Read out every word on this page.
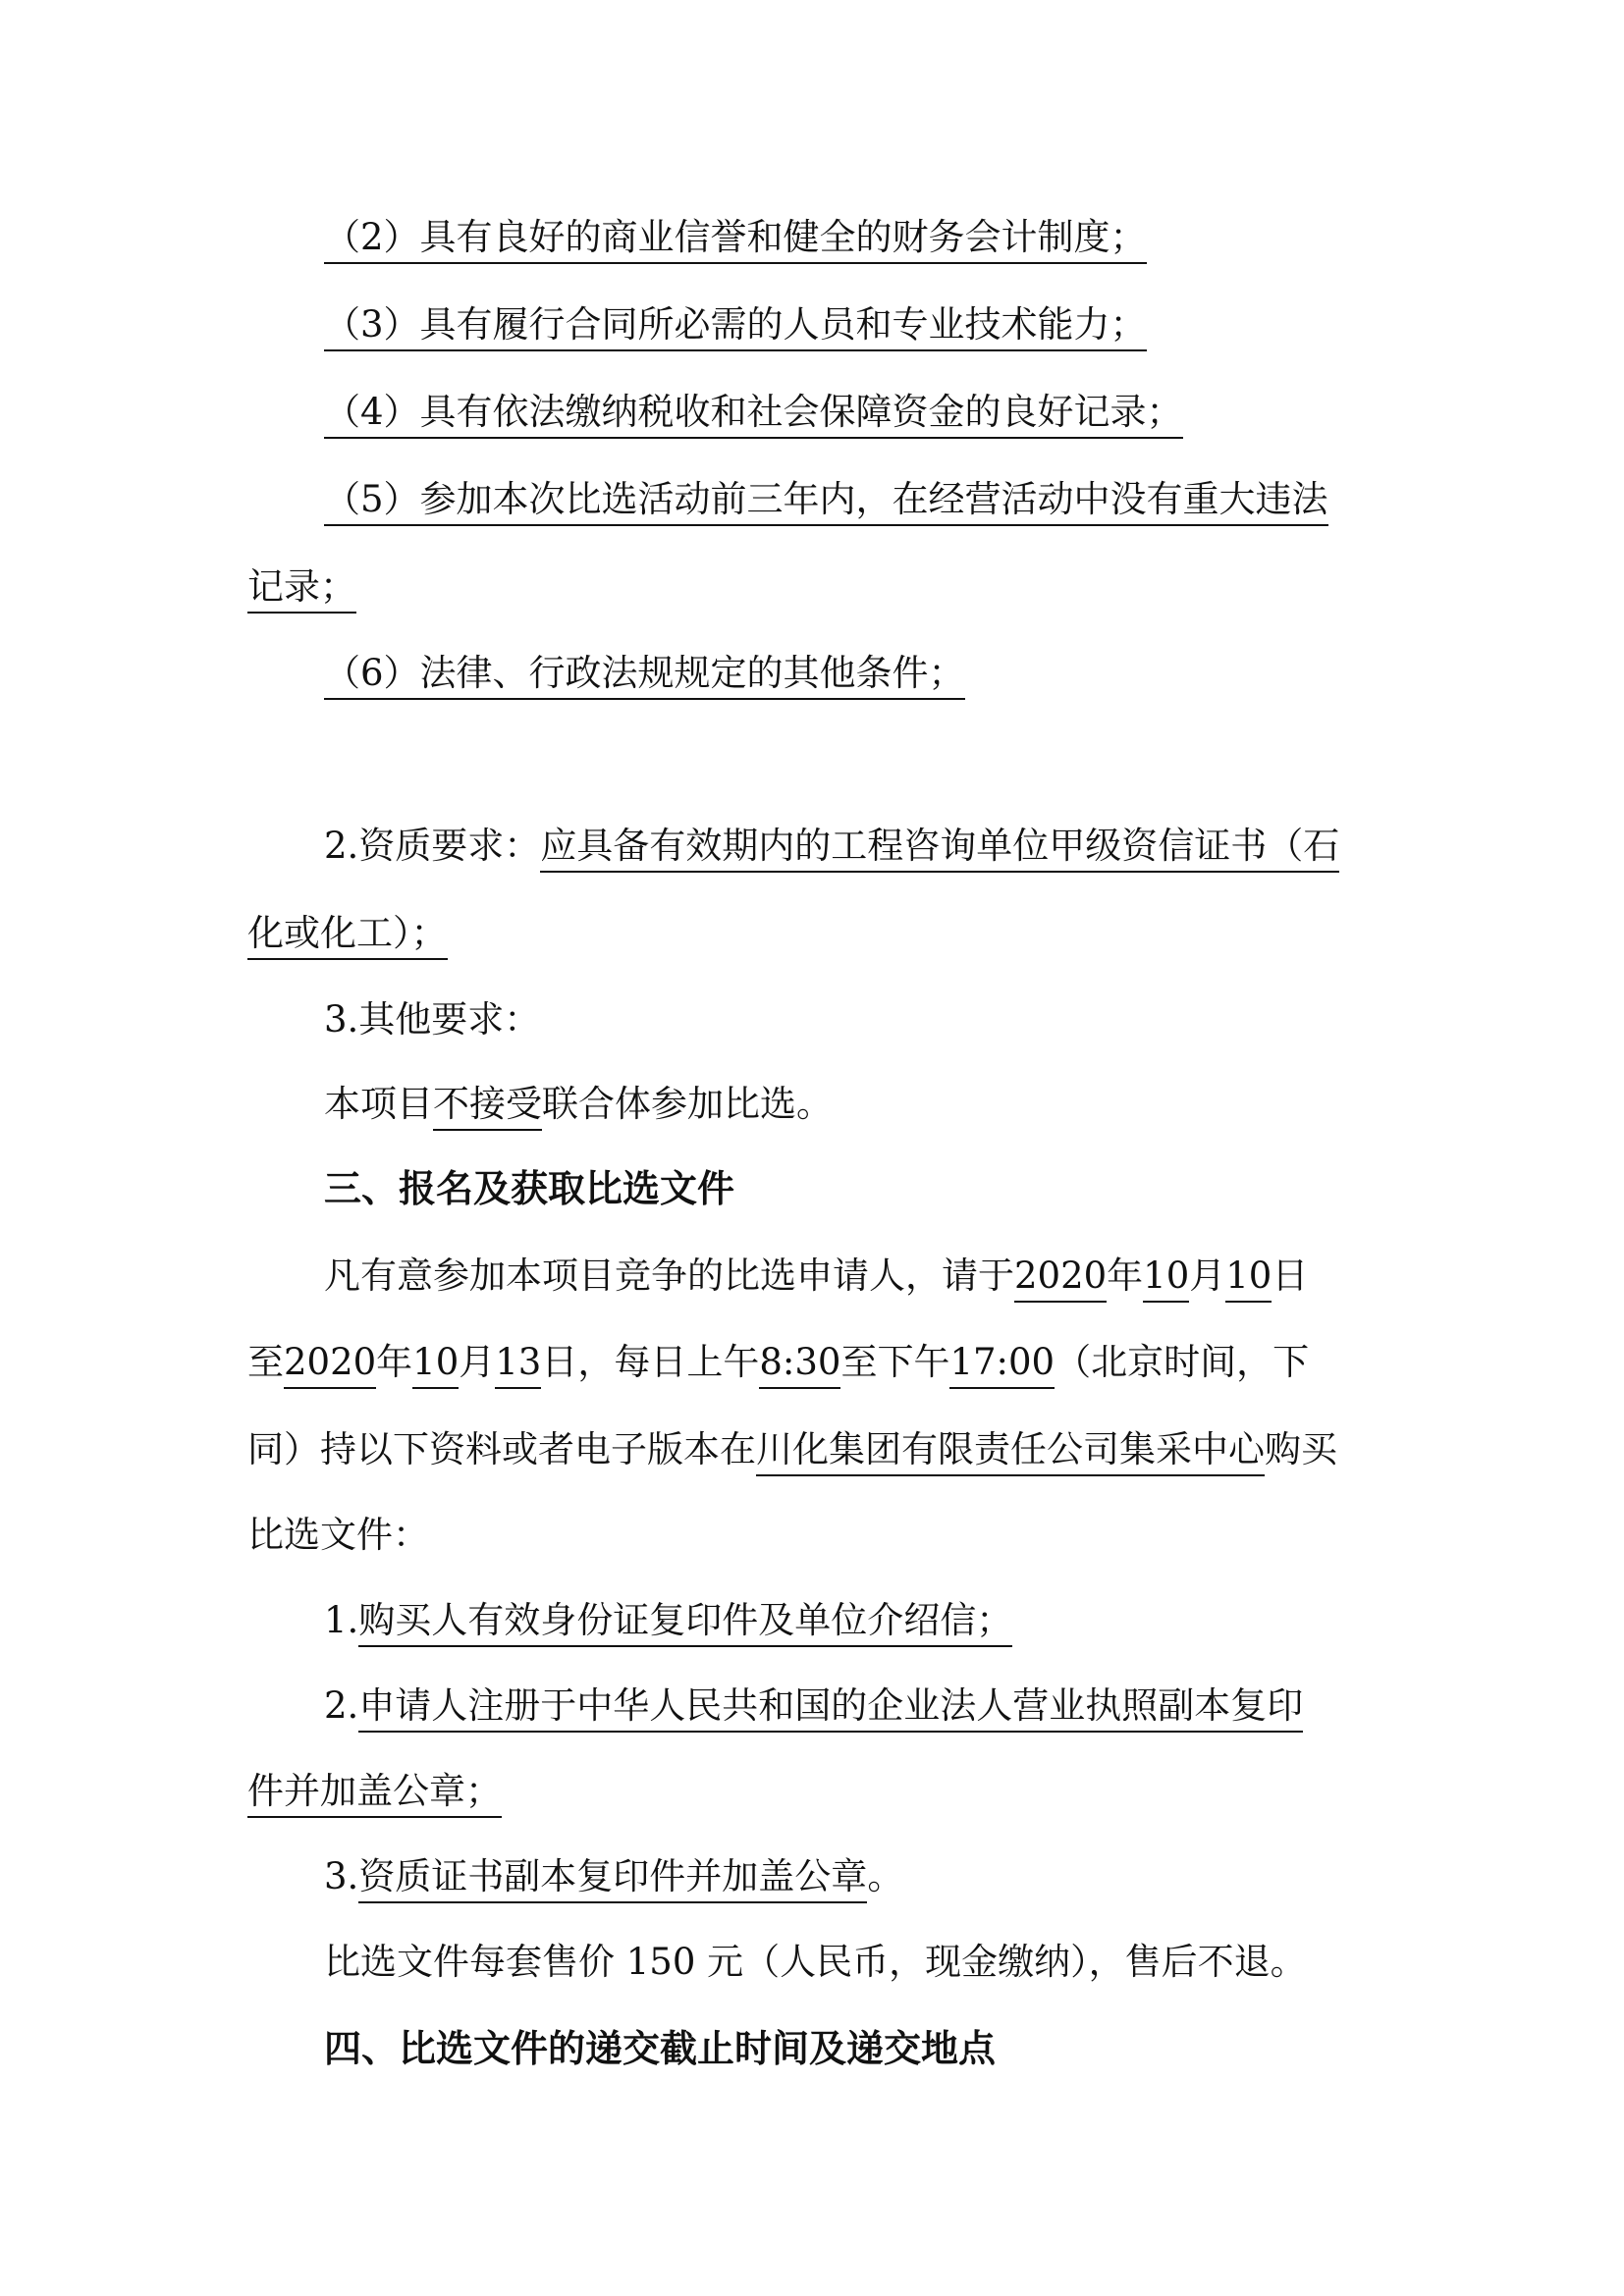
（2）具有良好的商业信誉和健全的财务会计制度；
（3）具有履行合同所必需的人员和专业技术能力；
（4）具有依法缴纳税收和社会保障资金的良好记录；
（5）参加本次比选活动前三年内，在经营活动中没有重大违法
记录；
（6）法律、行政法规规定的其他条件；
2.资质要求：应具备有效期内的工程咨询单位甲级资信证书（石
化或化工）；
3.其他要求：
本项目不接受联合体参加比选。
三、报名及获取比选文件
凡有意参加本项目竞争的比选申请人，请于2020年10月10日
至2020年10月13日，每日上午8:30至下午17:00（北京时间，下
同）持以下资料或者电子版本在川化集团有限责任公司集采中心购买
比选文件：
1.购买人有效身份证复印件及单位介绍信；
2.申请人注册于中华人民共和国的企业法人营业执照副本复印
件并加盖公章；
3.资质证书副本复印件并加盖公章。
比选文件每套售价 150 元（人民币，现金缴纳），售后不退。
四、比选文件的递交截止时间及递交地点
